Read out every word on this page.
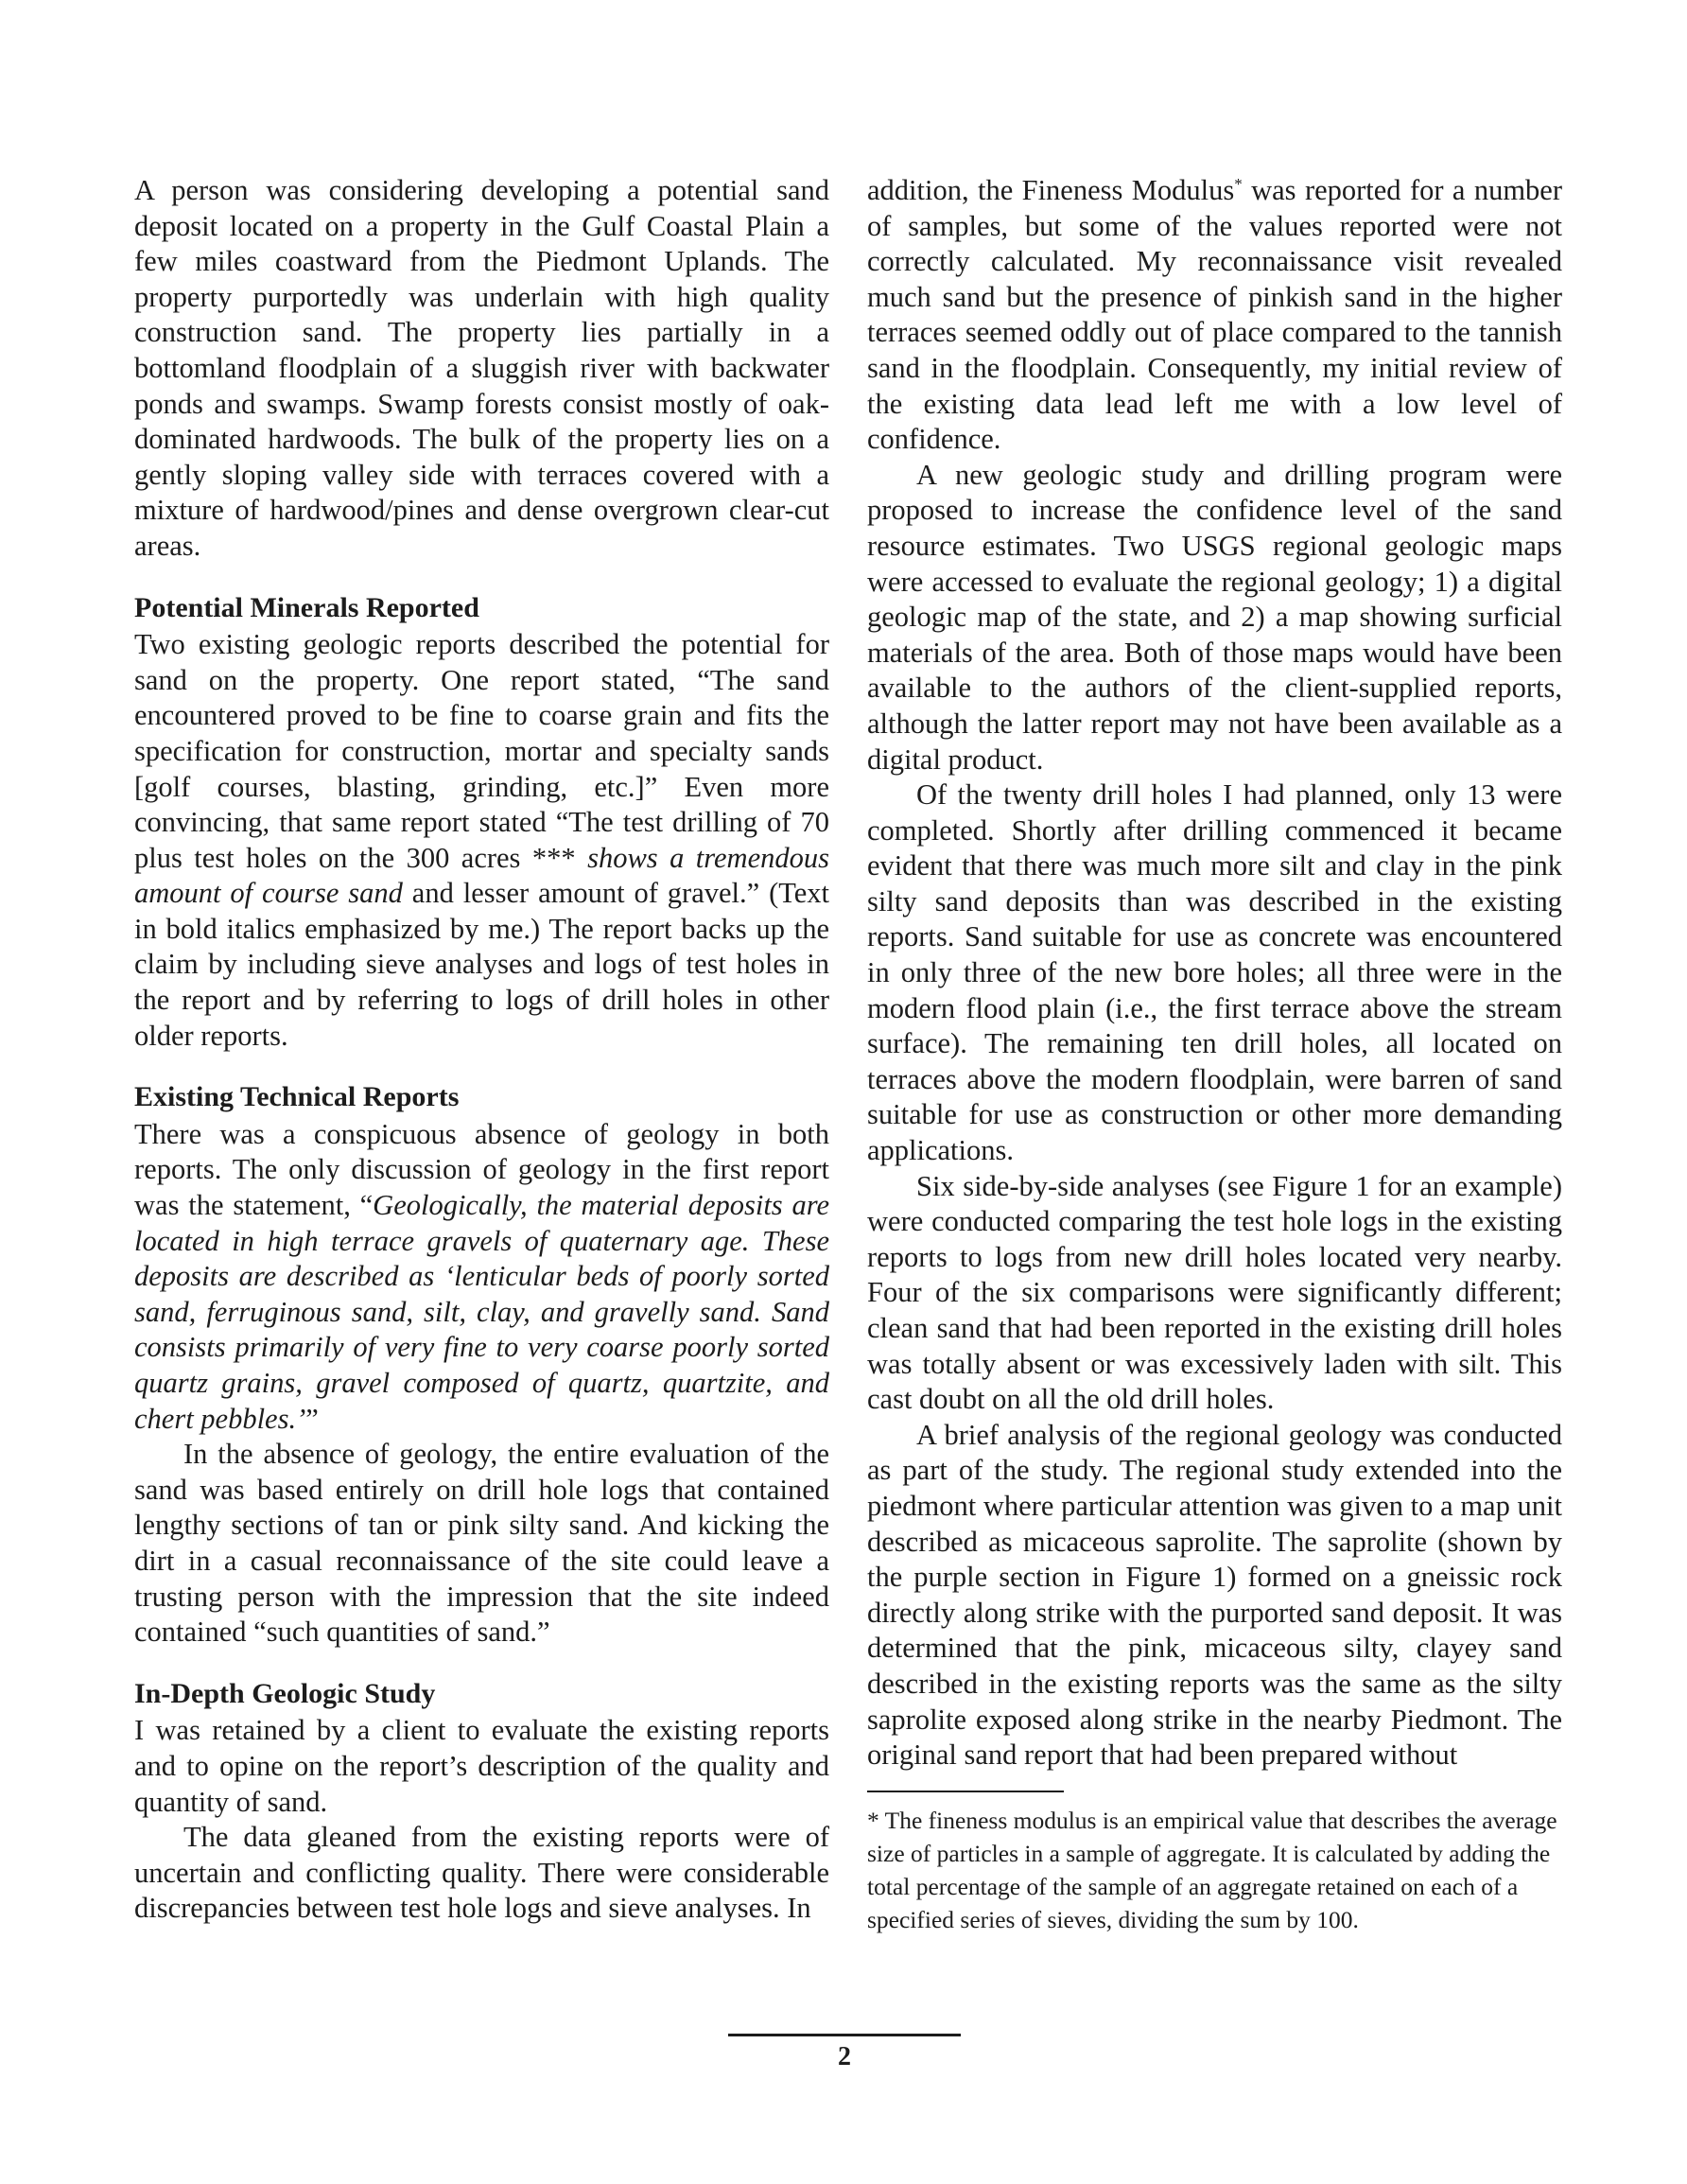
A person was considering developing a potential sand deposit located on a property in the Gulf Coastal Plain a few miles coastward from the Piedmont Uplands. The property purportedly was underlain with high quality construction sand. The property lies partially in a bottomland floodplain of a sluggish river with backwater ponds and swamps. Swamp forests consist mostly of oak-dominated hardwoods. The bulk of the property lies on a gently sloping valley side with terraces covered with a mixture of hardwood/pines and dense overgrown clear-cut areas.

Potential Minerals Reported

Two existing geologic reports described the potential for sand on the property. One report stated, “The sand encountered proved to be fine to coarse grain and fits the specification for construction, mortar and specialty sands [golf courses, blasting, grinding, etc.]” Even more convincing, that same report stated “The test drilling of 70 plus test holes on the 300 acres *** shows a tremendous amount of course sand and lesser amount of gravel.” (Text in bold italics emphasized by me.) The report backs up the claim by including sieve analyses and logs of test holes in the report and by referring to logs of drill holes in other older reports.

Existing Technical Reports

There was a conspicuous absence of geology in both reports. The only discussion of geology in the first report was the statement, “Geologically, the material deposits are located in high terrace gravels of quaternary age. These deposits are described as ‘lenticular beds of poorly sorted sand, ferruginous sand, silt, clay, and gravelly sand. Sand consists primarily of very fine to very coarse poorly sorted quartz grains, gravel composed of quartz, quartzite, and chert pebbles.’”

In the absence of geology, the entire evaluation of the sand was based entirely on drill hole logs that contained lengthy sections of tan or pink silty sand. And kicking the dirt in a casual reconnaissance of the site could leave a trusting person with the impression that the site indeed contained “such quantities of sand.”

In-Depth Geologic Study

I was retained by a client to evaluate the existing reports and to opine on the report’s description of the quality and quantity of sand.

The data gleaned from the existing reports were of uncertain and conflicting quality. There were considerable discrepancies between test hole logs and sieve analyses. In

addition, the Fineness Modulus* was reported for a number of samples, but some of the values reported were not correctly calculated. My reconnaissance visit revealed much sand but the presence of pinkish sand in the higher terraces seemed oddly out of place compared to the tannish sand in the floodplain. Consequently, my initial review of the existing data lead left me with a low level of confidence.

A new geologic study and drilling program were proposed to increase the confidence level of the sand resource estimates. Two USGS regional geologic maps were accessed to evaluate the regional geology; 1) a digital geologic map of the state, and 2) a map showing surficial materials of the area. Both of those maps would have been available to the authors of the client-supplied reports, although the latter report may not have been available as a digital product.

Of the twenty drill holes I had planned, only 13 were completed. Shortly after drilling commenced it became evident that there was much more silt and clay in the pink silty sand deposits than was described in the existing reports. Sand suitable for use as concrete was encountered in only three of the new bore holes; all three were in the modern flood plain (i.e., the first terrace above the stream surface). The remaining ten drill holes, all located on terraces above the modern floodplain, were barren of sand suitable for use as construction or other more demanding applications.

Six side-by-side analyses (see Figure 1 for an example) were conducted comparing the test hole logs in the existing reports to logs from new drill holes located very nearby. Four of the six comparisons were significantly different; clean sand that had been reported in the existing drill holes was totally absent or was excessively laden with silt. This cast doubt on all the old drill holes.

A brief analysis of the regional geology was conducted as part of the study. The regional study extended into the piedmont where particular attention was given to a map unit described as micaceous saprolite. The saprolite (shown by the purple section in Figure 1) formed on a gneissic rock directly along strike with the purported sand deposit. It was determined that the pink, micaceous silty, clayey sand described in the existing reports was the same as the silty saprolite exposed along strike in the nearby Piedmont. The original sand report that had been prepared without

* The fineness modulus is an empirical value that describes the average size of particles in a sample of aggregate. It is calculated by adding the total percentage of the sample of an aggregate retained on each of a specified series of sieves, dividing the sum by 100.

2
